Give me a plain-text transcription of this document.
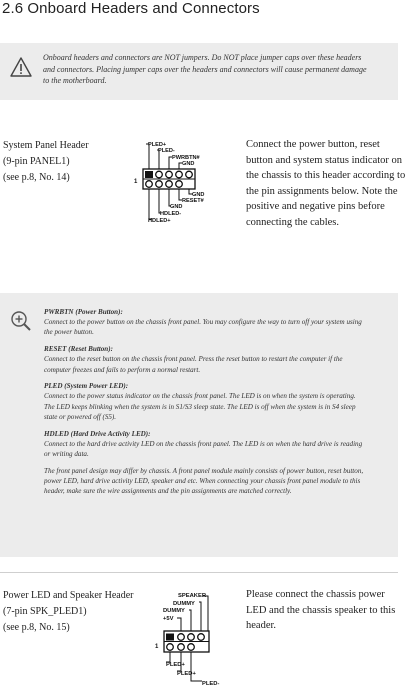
2.6 Onboard Headers and Connectors
Onboard headers and connectors are NOT jumpers. Do NOT place jumper caps over these headers and connectors. Placing jumper caps over the headers and connectors will cause permanent damage to the motherboard.
System Panel Header
(9-pin PANEL1)
(see p.8, No. 14)	1
PLED+
PLED-
PWRBTN#
GND
GND
RESET#
GND
HDLED-
HDLED+
Connect the power button, reset button and system status indicator on the chassis to this header according to the pin assignments below. Note the positive and negative pins before connecting the cables.

PWRBTN (Power Button):
Connect to the power button on the chassis front panel. You may configure the way to turn off your system using the power button.

RESET (Reset Button):
Connect to the reset button on the chassis front panel. Press the reset button to restart the computer if the computer freezes and fails to perform a normal restart.

PLED (System Power LED):
Connect to the power status indicator on the chassis front panel. The LED is on when the system is operating. The LED keeps blinking when the system is in S1/S3 sleep state. The LED is off when the system is in S4 sleep state or powered off (S5).

HDLED (Hard Drive Activity LED):
Connect to the hard drive activity LED on the chassis front panel. The LED is on when the hard drive is reading or writing data.

The front panel design may differ by chassis. A front panel module mainly consists of power button, reset button, power LED, hard drive activity LED, speaker and etc. When connecting your chassis front panel module to this header, make sure the wire assignments and the pin assignments are matched correctly.

Power LED and Speaker Header
(7-pin SPK_PLED1)
(see p.8, No. 15)
1
SPEAKER
DUMMY
DUMMY
+5V
PLED+
PLED+
PLED-
Please connect the chassis power LED and the chassis speaker to this header.
